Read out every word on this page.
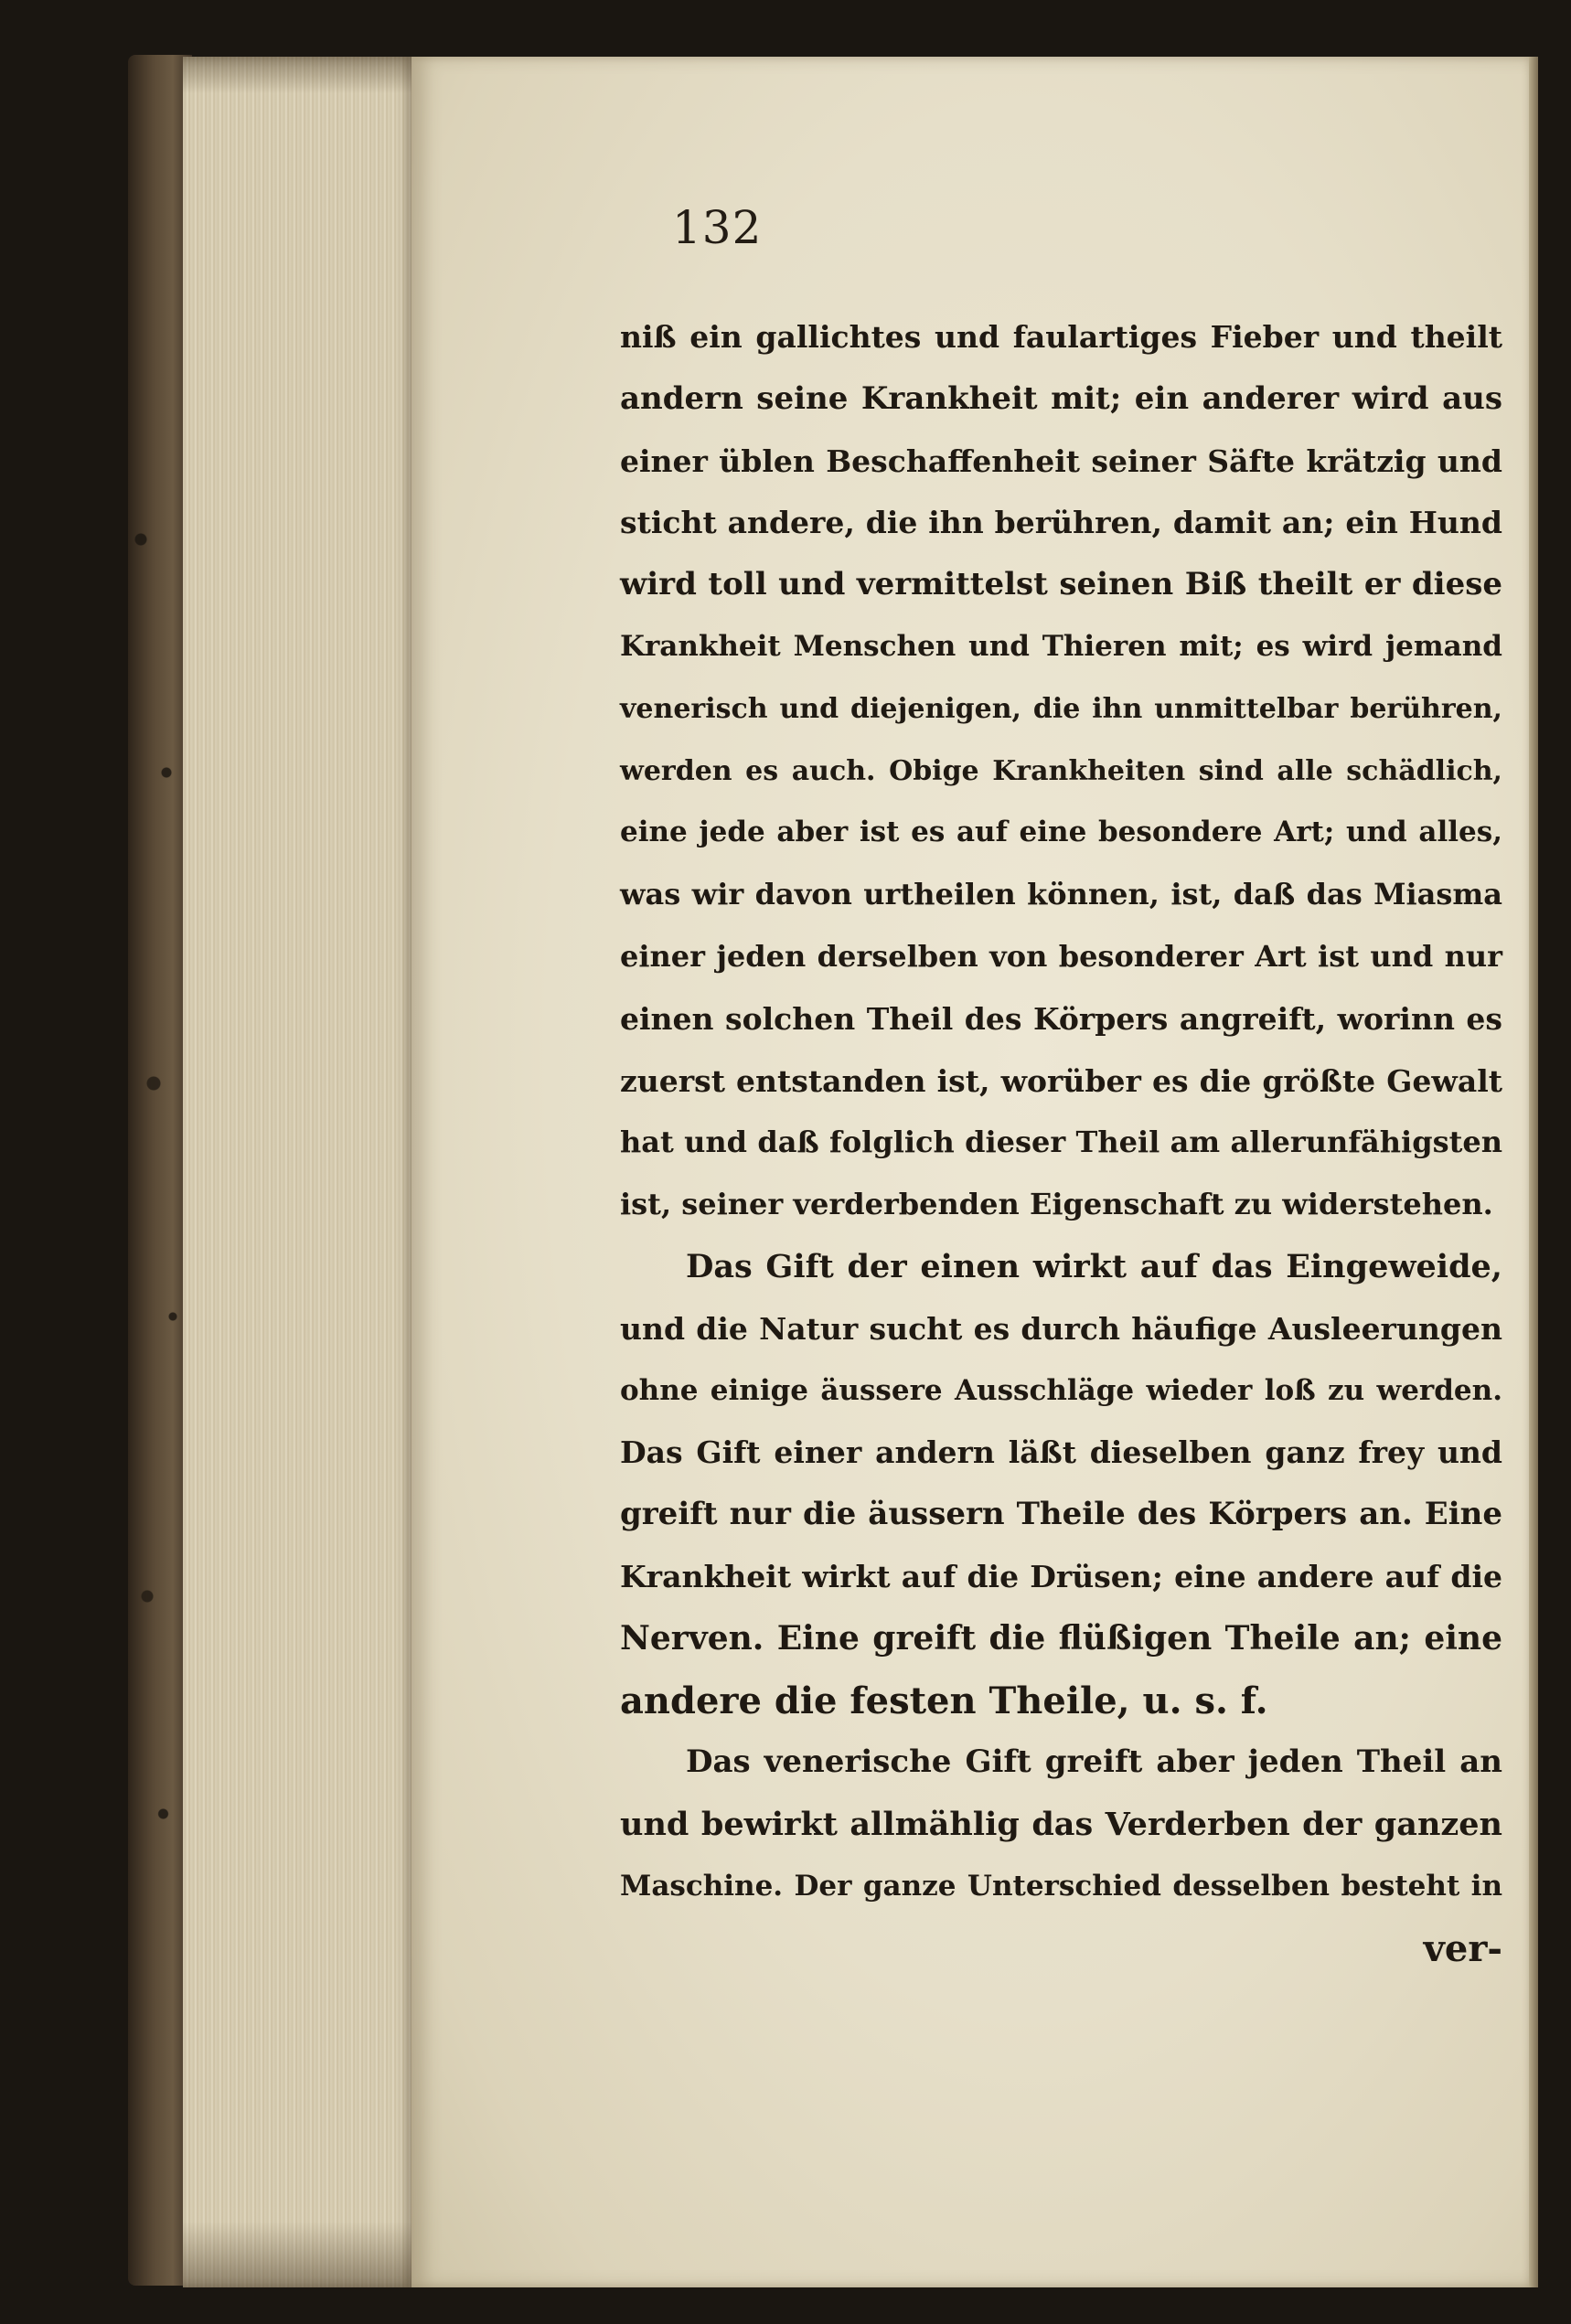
132
niß ein gallichtes und faulartiges Fieber und theilt
andern seine Krankheit mit; ein anderer wird aus
einer üblen Beschaffenheit seiner Säfte krätzig und
sticht andere, die ihn berühren, damit an; ein Hund
wird toll und vermittelst seinen Biß theilt er diese
Krankheit Menschen und Thieren mit; es wird jemand
venerisch und diejenigen, die ihn unmittelbar berühren,
werden es auch. Obige Krankheiten sind alle schädlich,
eine jede aber ist es auf eine besondere Art; und alles,
was wir davon urtheilen können, ist, daß das Miasma
einer jeden derselben von besonderer Art ist und nur
einen solchen Theil des Körpers angreift, worinn es
zuerst entstanden ist, worüber es die größte Gewalt
hat und daß folglich dieser Theil am allerunfähigsten
ist, seiner verderbenden Eigenschaft zu widerstehen.
Das Gift der einen wirkt auf das Eingeweide,
und die Natur sucht es durch häufige Ausleerungen
ohne einige äussere Ausschläge wieder loß zu werden.
Das Gift einer andern läßt dieselben ganz frey und
greift nur die äussern Theile des Körpers an. Eine
Krankheit wirkt auf die Drüsen; eine andere auf die
Nerven. Eine greift die flüßigen Theile an; eine
andere die festen Theile, u. s. f.
Das venerische Gift greift aber jeden Theil an
und bewirkt allmählig das Verderben der ganzen
Maschine. Der ganze Unterschied desselben besteht in
ver-
